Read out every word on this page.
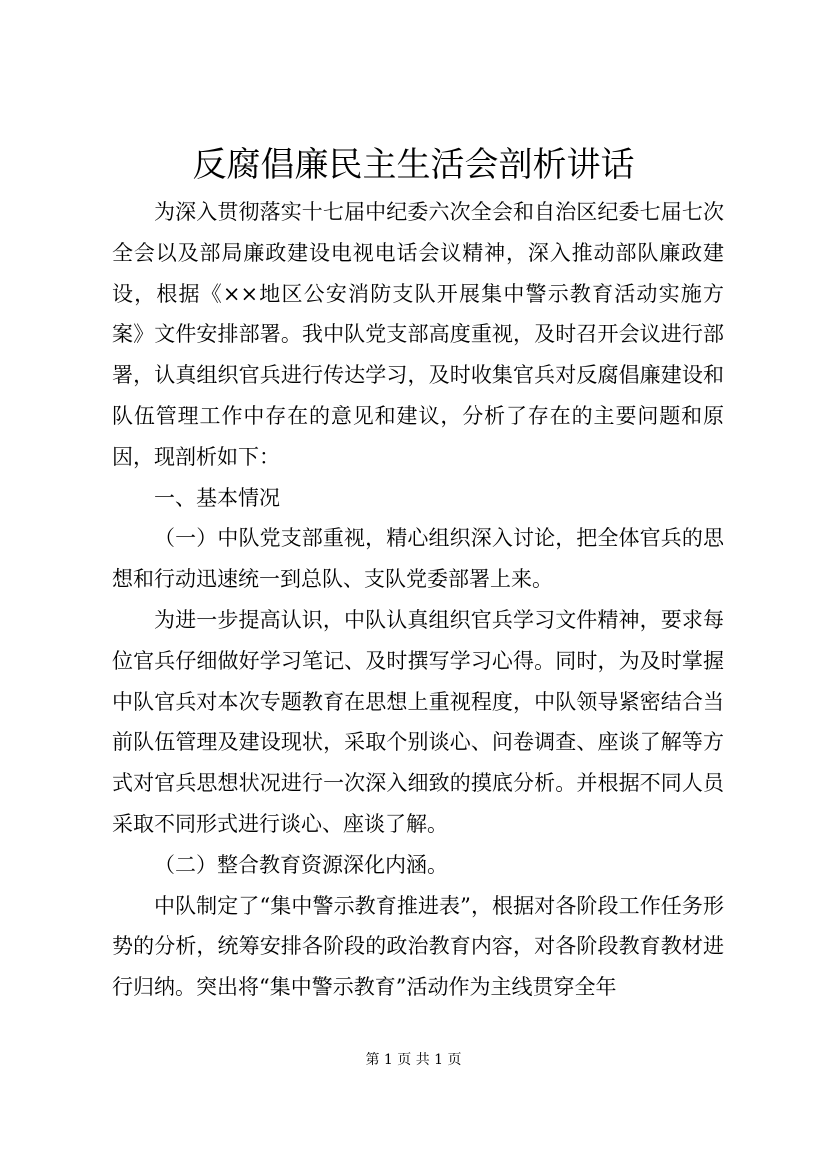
反腐倡廉民主生活会剖析讲话

为深入贯彻落实十七届中纪委六次全会和自治区纪委七届七次全会以及部局廉政建设电视电话会议精神，深入推动部队廉政建设，根据《××地区公安消防支队开展集中警示教育活动实施方案》文件安排部署。我中队党支部高度重视，及时召开会议进行部署，认真组织官兵进行传达学习，及时收集官兵对反腐倡廉建设和队伍管理工作中存在的意见和建议，分析了存在的主要问题和原因，现剖析如下：

一、基本情况

（一）中队党支部重视，精心组织深入讨论，把全体官兵的思想和行动迅速统一到总队、支队党委部署上来。

为进一步提高认识，中队认真组织官兵学习文件精神，要求每位官兵仔细做好学习笔记、及时撰写学习心得。同时，为及时掌握中队官兵对本次专题教育在思想上重视程度，中队领导紧密结合当前队伍管理及建设现状，采取个别谈心、问卷调查、座谈了解等方式对官兵思想状况进行一次深入细致的摸底分析。并根据不同人员采取不同形式进行谈心、座谈了解。

（二）整合教育资源深化内涵。

中队制定了“集中警示教育推进表”，根据对各阶段工作任务形势的分析，统筹安排各阶段的政治教育内容，对各阶段教育教材进行归纳。突出将“集中警示教育”活动作为主线贯穿全年

第 1 页 共 1 页
